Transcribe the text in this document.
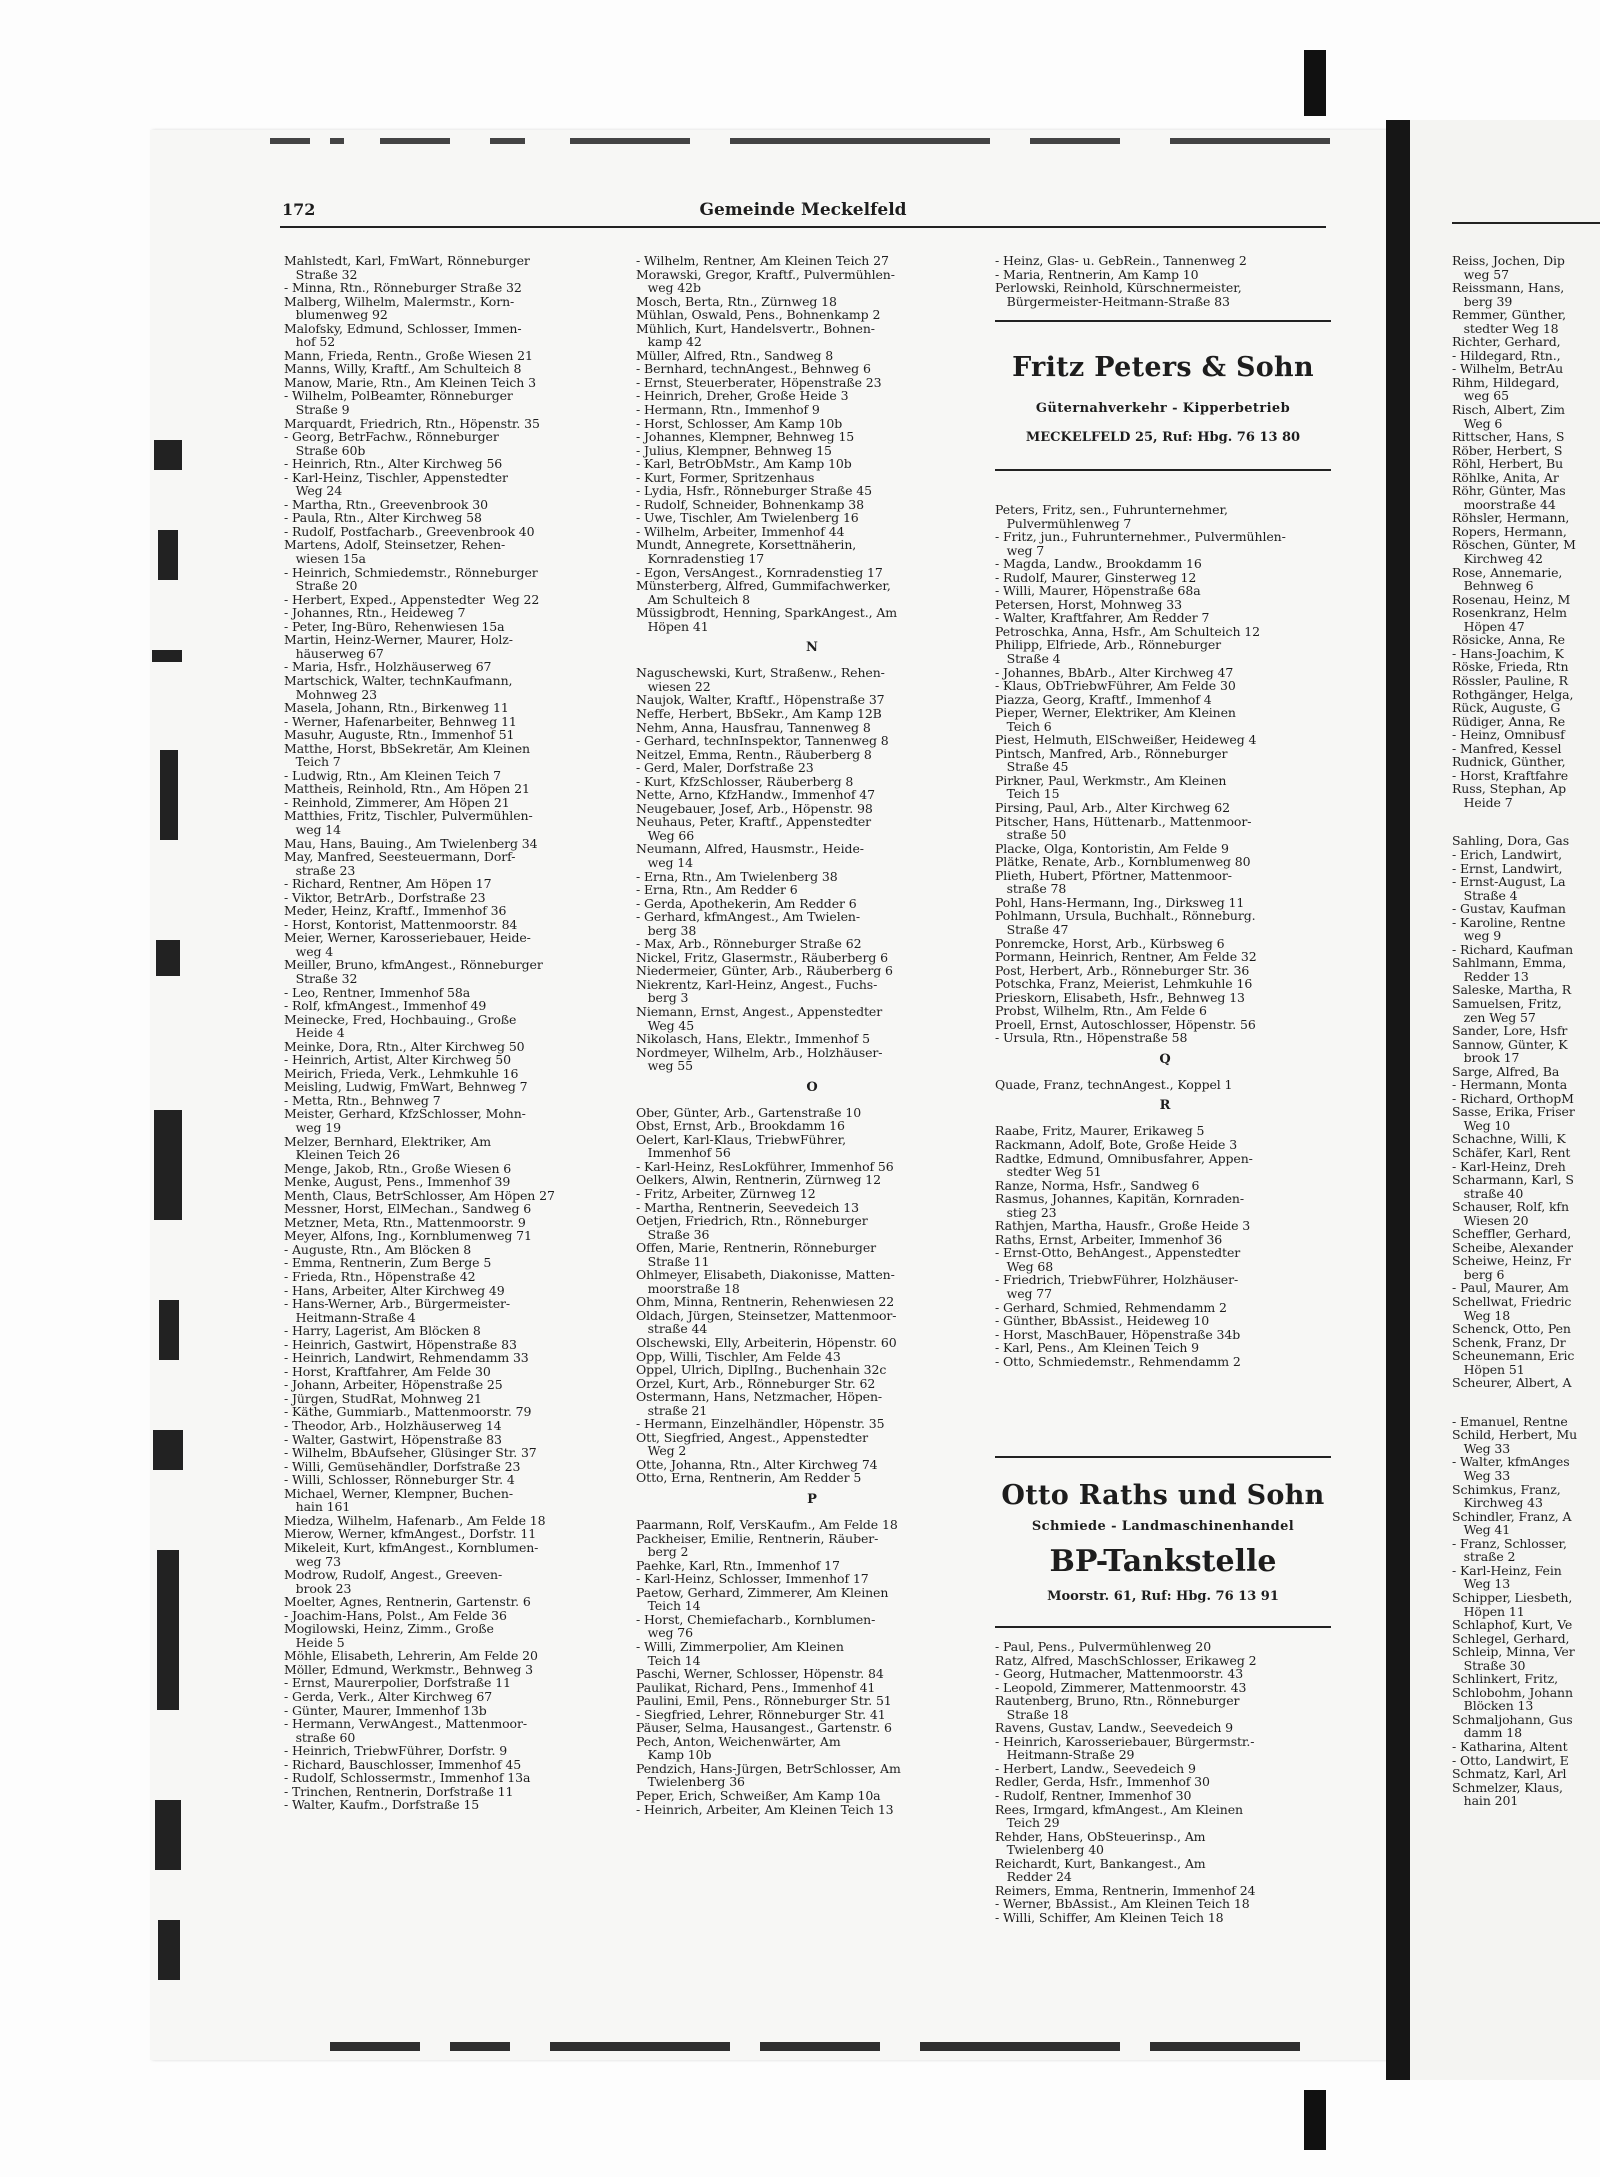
172	Gemeinde Meckelfeld
Mahlstedt, Karl, FmWart, Rönneburger
Straße 32
- Minna, Rtn., Rönneburger Straße 32
Malberg, Wilhelm, Malermstr., Korn-
blumenweg 92
Malofsky, Edmund, Schlosser, Immen-
hof 52
Mann, Frieda, Rentn., Große Wiesen 21
Manns, Willy, Kraftf., Am Schulteich 8
Manow, Marie, Rtn., Am Kleinen Teich 3
- Wilhelm, PolBeamter, Rönneburger
Straße 9
Marquardt, Friedrich, Rtn., Höpenstr. 35
- Georg, BetrFachw., Rönneburger
Straße 60b
- Heinrich, Rtn., Alter Kirchweg 56
- Karl-Heinz, Tischler, Appenstedter
Weg 24
- Martha, Rtn., Greevenbrook 30
- Paula, Rtn., Alter Kirchweg 58
- Rudolf, Postfacharb., Greevenbrook 40
Martens, Adolf, Steinsetzer, Rehen-
wiesen 15a
- Heinrich, Schmiedemstr., Rönneburger
Straße 20
- Herbert, Exped., Appenstedter  Weg 22
- Johannes, Rtn., Heideweg 7
- Peter, Ing-Büro, Rehenwiesen 15a
Martin, Heinz-Werner, Maurer, Holz-
häuserweg 67
- Maria, Hsfr., Holzhäuserweg 67
Martschick, Walter, technKaufmann,
Mohnweg 23
Masela, Johann, Rtn., Birkenweg 11
- Werner, Hafenarbeiter, Behnweg 11
Masuhr, Auguste, Rtn., Immenhof 51
Matthe, Horst, BbSekretär, Am Kleinen
Teich 7
- Ludwig, Rtn., Am Kleinen Teich 7
Mattheis, Reinhold, Rtn., Am Höpen 21
- Reinhold, Zimmerer, Am Höpen 21
Matthies, Fritz, Tischler, Pulvermühlen-
weg 14
Mau, Hans, Bauing., Am Twielenberg 34
May, Manfred, Seesteuermann, Dorf-
straße 23
- Richard, Rentner, Am Höpen 17
- Viktor, BetrArb., Dorfstraße 23
Meder, Heinz, Kraftf., Immenhof 36
- Horst, Kontorist, Mattenmoorstr. 84
Meier, Werner, Karosseriebauer, Heide-
weg 4
Meiller, Bruno, kfmAngest., Rönneburger
Straße 32
- Leo, Rentner, Immenhof 58a
- Rolf, kfmAngest., Immenhof 49
Meinecke, Fred, Hochbauing., Große
Heide 4
Meinke, Dora, Rtn., Alter Kirchweg 50
- Heinrich, Artist, Alter Kirchweg 50
Meirich, Frieda, Verk., Lehmkuhle 16
Meisling, Ludwig, FmWart, Behnweg 7
- Metta, Rtn., Behnweg 7
Meister, Gerhard, KfzSchlosser, Mohn-
weg 19
Melzer, Bernhard, Elektriker, Am
Kleinen Teich 26
Menge, Jakob, Rtn., Große Wiesen 6
Menke, August, Pens., Immenhof 39
Menth, Claus, BetrSchlosser, Am Höpen 27
Messner, Horst, ElMechan., Sandweg 6
Metzner, Meta, Rtn., Mattenmoorstr. 9
Meyer, Alfons, Ing., Kornblumenweg 71
- Auguste, Rtn., Am Blöcken 8
- Emma, Rentnerin, Zum Berge 5
- Frieda, Rtn., Höpenstraße 42
- Hans, Arbeiter, Alter Kirchweg 49
- Hans-Werner, Arb., Bürgermeister-
Heitmann-Straße 4
- Harry, Lagerist, Am Blöcken 8
- Heinrich, Gastwirt, Höpenstraße 83
- Heinrich, Landwirt, Rehmendamm 33
- Horst, Kraftfahrer, Am Felde 30
- Johann, Arbeiter, Höpenstraße 25
- Jürgen, StudRat, Mohnweg 21
- Käthe, Gummiarb., Mattenmoorstr. 79
- Theodor, Arb., Holzhäuserweg 14
- Walter, Gastwirt, Höpenstraße 83
- Wilhelm, BbAufseher, Glüsinger Str. 37
- Willi, Gemüsehändler, Dorfstraße 23
- Willi, Schlosser, Rönneburger Str. 4
Michael, Werner, Klempner, Buchen-
hain 161
Miedza, Wilhelm, Hafenarb., Am Felde 18
Mierow, Werner, kfmAngest., Dorfstr. 11
Mikeleit, Kurt, kfmAngest., Kornblumen-
weg 73
Modrow, Rudolf, Angest., Greeven-
brook 23
Moelter, Agnes, Rentnerin, Gartenstr. 6
- Joachim-Hans, Polst., Am Felde 36
Mogilowski, Heinz, Zimm., Große
Heide 5
Möhle, Elisabeth, Lehrerin, Am Felde 20
Möller, Edmund, Werkmstr., Behnweg 3
- Ernst, Maurerpolier, Dorfstraße 11
- Gerda, Verk., Alter Kirchweg 67
- Günter, Maurer, Immenhof 13b
- Hermann, VerwAngest., Mattenmoor-
straße 60
- Heinrich, TriebwFührer, Dorfstr. 9
- Richard, Bauschlosser, Immenhof 45
- Rudolf, Schlossermstr., Immenhof 13a
- Trinchen, Rentnerin, Dorfstraße 11
- Walter, Kaufm., Dorfstraße 15
- Wilhelm, Rentner, Am Kleinen Teich 27
Morawski, Gregor, Kraftf., Pulvermühlen-
weg 42b
Mosch, Berta, Rtn., Zürnweg 18
Mühlan, Oswald, Pens., Bohnenkamp 2
Mühlich, Kurt, Handelsvertr., Bohnen-
kamp 42
Müller, Alfred, Rtn., Sandweg 8
- Bernhard, technAngest., Behnweg 6
- Ernst, Steuerberater, Höpenstraße 23
- Heinrich, Dreher, Große Heide 3
- Hermann, Rtn., Immenhof 9
- Horst, Schlosser, Am Kamp 10b
- Johannes, Klempner, Behnweg 15
- Julius, Klempner, Behnweg 15
- Karl, BetrObMstr., Am Kamp 10b
- Kurt, Former, Spritzenhaus
- Lydia, Hsfr., Rönneburger Straße 45
- Rudolf, Schneider, Bohnenkamp 38
- Uwe, Tischler, Am Twielenberg 16
- Wilhelm, Arbeiter, Immenhof 44
Mundt, Annegrete, Korsettnäherin,
Kornradenstieg 17
- Egon, VersAngest., Kornradenstieg 17
Münsterberg, Alfred, Gummifachwerker,
Am Schulteich 8
Müssigbrodt, Henning, SparkAngest., Am
Höpen 41
N
Naguschewski, Kurt, Straßenw., Rehen-
wiesen 22
Naujok, Walter, Kraftf., Höpenstraße 37
Neffe, Herbert, BbSekr., Am Kamp 12B
Nehm, Anna, Hausfrau, Tannenweg 8
- Gerhard, technInspektor, Tannenweg 8
Neitzel, Emma, Rentn., Räuberberg 8
- Gerd, Maler, Dorfstraße 23
- Kurt, KfzSchlosser, Räuberberg 8
Nette, Arno, KfzHandw., Immenhof 47
Neugebauer, Josef, Arb., Höpenstr. 98
Neuhaus, Peter, Kraftf., Appenstedter
Weg 66
Neumann, Alfred, Hausmstr., Heide-
weg 14
- Erna, Rtn., Am Twielenberg 38
- Erna, Rtn., Am Redder 6
- Gerda, Apothekerin, Am Redder 6
- Gerhard, kfmAngest., Am Twielen-
berg 38
- Max, Arb., Rönneburger Straße 62
Nickel, Fritz, Glasermstr., Räuberberg 6
Niedermeier, Günter, Arb., Räuberberg 6
Niekrentz, Karl-Heinz, Angest., Fuchs-
berg 3
Niemann, Ernst, Angest., Appenstedter
Weg 45
Nikolasch, Hans, Elektr., Immenhof 5
Nordmeyer, Wilhelm, Arb., Holzhäuser-
weg 55
O
Ober, Günter, Arb., Gartenstraße 10
Obst, Ernst, Arb., Brookdamm 16
Oelert, Karl-Klaus, TriebwFührer,
Immenhof 56
- Karl-Heinz, ResLokführer, Immenhof 56
Oelkers, Alwin, Rentnerin, Zürnweg 12
- Fritz, Arbeiter, Zürnweg 12
- Martha, Rentnerin, Seevedeich 13
Oetjen, Friedrich, Rtn., Rönneburger
Straße 36
Offen, Marie, Rentnerin, Rönneburger
Straße 11
Ohlmeyer, Elisabeth, Diakonisse, Matten-
moorstraße 18
Ohm, Minna, Rentnerin, Rehenwiesen 22
Oldach, Jürgen, Steinsetzer, Mattenmoor-
straße 44
Olschewski, Elly, Arbeiterin, Höpenstr. 60
Opp, Willi, Tischler, Am Felde 43
Oppel, Ulrich, DiplIng., Buchenhain 32c
Orzel, Kurt, Arb., Rönneburger Str. 62
Ostermann, Hans, Netzmacher, Höpen-
straße 21
- Hermann, Einzelhändler, Höpenstr. 35
Ott, Siegfried, Angest., Appenstedter
Weg 2
Otte, Johanna, Rtn., Alter Kirchweg 74
Otto, Erna, Rentnerin, Am Redder 5
P
Paarmann, Rolf, VersKaufm., Am Felde 18
Packheiser, Emilie, Rentnerin, Räuber-
berg 2
Paehke, Karl, Rtn., Immenhof 17
- Karl-Heinz, Schlosser, Immenhof 17
Paetow, Gerhard, Zimmerer, Am Kleinen
Teich 14
- Horst, Chemiefacharb., Kornblumen-
weg 76
- Willi, Zimmerpolier, Am Kleinen
Teich 14
Paschi, Werner, Schlosser, Höpenstr. 84
Paulikat, Richard, Pens., Immenhof 41
Paulini, Emil, Pens., Rönneburger Str. 51
- Siegfried, Lehrer, Rönneburger Str. 41
Päuser, Selma, Hausangest., Gartenstr. 6
Pech, Anton, Weichenwärter, Am
Kamp 10b
Pendzich, Hans-Jürgen, BetrSchlosser, Am
Twielenberg 36
Peper, Erich, Schweißer, Am Kamp 10a
- Heinrich, Arbeiter, Am Kleinen Teich 13
- Heinz, Glas- u. GebRein., Tannenweg 2
- Maria, Rentnerin, Am Kamp 10
Perlowski, Reinhold, Kürschnermeister,
Bürgermeister-Heitmann-Straße 83
Fritz Peters & Sohn
Güternahverkehr - Kipperbetrieb
MECKELFELD 25, Ruf: Hbg. 76 13 80
Peters, Fritz, sen., Fuhrunternehmer,
Pulvermühlenweg 7
- Fritz, jun., Fuhrunternehmer., Pulvermühlen-
weg 7
- Magda, Landw., Brookdamm 16
- Rudolf, Maurer, Ginsterweg 12
- Willi, Maurer, Höpenstraße 68a
Petersen, Horst, Mohnweg 33
- Walter, Kraftfahrer, Am Redder 7
Petroschka, Anna, Hsfr., Am Schulteich 12
Philipp, Elfriede, Arb., Rönneburger
Straße 4
- Johannes, BbArb., Alter Kirchweg 47
- Klaus, ObTriebwFührer, Am Felde 30
Piazza, Georg, Kraftf., Immenhof 4
Pieper, Werner, Elektriker, Am Kleinen
Teich 6
Piest, Helmuth, ElSchweißer, Heideweg 4
Pintsch, Manfred, Arb., Rönneburger
Straße 45
Pirkner, Paul, Werkmstr., Am Kleinen
Teich 15
Pirsing, Paul, Arb., Alter Kirchweg 62
Pitscher, Hans, Hüttenarb., Mattenmoor-
straße 50
Placke, Olga, Kontoristin, Am Felde 9
Plätke, Renate, Arb., Kornblumenweg 80
Plieth, Hubert, Pförtner, Mattenmoor-
straße 78
Pohl, Hans-Hermann, Ing., Dirksweg 11
Pohlmann, Ursula, Buchhalt., Rönneburg.
Straße 47
Ponremcke, Horst, Arb., Kürbsweg 6
Pormann, Heinrich, Rentner, Am Felde 32
Post, Herbert, Arb., Rönneburger Str. 36
Potschka, Franz, Meierist, Lehmkuhle 16
Prieskorn, Elisabeth, Hsfr., Behnweg 13
Probst, Wilhelm, Rtn., Am Felde 6
Proell, Ernst, Autoschlosser, Höpenstr. 56
- Ursula, Rtn., Höpenstraße 58
Q
Quade, Franz, technAngest., Koppel 1
R
Raabe, Fritz, Maurer, Erikaweg 5
Rackmann, Adolf, Bote, Große Heide 3
Radtke, Edmund, Omnibusfahrer, Appen-
stedter Weg 51
Ranze, Norma, Hsfr., Sandweg 6
Rasmus, Johannes, Kapitän, Kornraden-
stieg 23
Rathjen, Martha, Hausfr., Große Heide 3
Raths, Ernst, Arbeiter, Immenhof 36
- Ernst-Otto, BehAngest., Appenstedter
Weg 68
- Friedrich, TriebwFührer, Holzhäuser-
weg 77
- Gerhard, Schmied, Rehmendamm 2
- Günther, BbAssist., Heideweg 10
- Horst, MaschBauer, Höpenstraße 34b
- Karl, Pens., Am Kleinen Teich 9
- Otto, Schmiedemstr., Rehmendamm 2
Otto Raths und Sohn
Schmiede - Landmaschinenhandel
BP-Tankstelle
Moorstr. 61, Ruf: Hbg. 76 13 91
- Paul, Pens., Pulvermühlenweg 20
Ratz, Alfred, MaschSchlosser, Erikaweg 2
- Georg, Hutmacher, Mattenmoorstr. 43
- Leopold, Zimmerer, Mattenmoorstr. 43
Rautenberg, Bruno, Rtn., Rönneburger
Straße 18
Ravens, Gustav, Landw., Seevedeich 9
- Heinrich, Karosseriebauer, Bürgermstr.-
Heitmann-Straße 29
- Herbert, Landw., Seevedeich 9
Redler, Gerda, Hsfr., Immenhof 30
- Rudolf, Rentner, Immenhof 30
Rees, Irmgard, kfmAngest., Am Kleinen
Teich 29
Rehder, Hans, ObSteuerinsp., Am
Twielenberg 40
Reichardt, Kurt, Bankangest., Am
Redder 24
Reimers, Emma, Rentnerin, Immenhof 24
- Werner, BbAssist., Am Kleinen Teich 18
- Willi, Schiffer, Am Kleinen Teich 18
Reiss, Jochen, Dip
weg 57
Reissmann, Hans,
berg 39
Remmer, Günther,
stedter Weg 18
Richter, Gerhard,
- Hildegard, Rtn.,
- Wilhelm, BetrAu
Rihm, Hildegard,
weg 65
Risch, Albert, Zim
Weg 6
Rittscher, Hans, S
Röber, Herbert, S
Röhl, Herbert, Bu
Röhlke, Anita, Ar
Röhr, Günter, Mas
moorstraße 44
Röhsler, Hermann,
Ropers, Hermann,
Röschen, Günter, M
Kirchweg 42
Rose, Annemarie,
Behnweg 6
Rosenau, Heinz, M
Rosenkranz, Helm
Höpen 47
Rösicke, Anna, Re
- Hans-Joachim, K
Röske, Frieda, Rtn
Rössler, Pauline, R
Rothgänger, Helga,
Rück, Auguste, G
Rüdiger, Anna, Re
- Heinz, Omnibusf
- Manfred, Kessel
Rudnick, Günther,
- Horst, Kraftfahre
Russ, Stephan, Ap
Heide 7
Sahling, Dora, Gas
- Erich, Landwirt,
- Ernst, Landwirt,
- Ernst-August, La
Straße 4
- Gustav, Kaufman
- Karoline, Rentne
weg 9
- Richard, Kaufman
Sahlmann, Emma,
Redder 13
Saleske, Martha, R
Samuelsen, Fritz,
zen Weg 57
Sander, Lore, Hsfr
Sannow, Günter, K
brook 17
Sarge, Alfred, Ba
- Hermann, Monta
- Richard, OrthopM
Sasse, Erika, Friser
Weg 10
Schachne, Willi, K
Schäfer, Karl, Rent
- Karl-Heinz, Dreh
Scharmann, Karl, S
straße 40
Schauser, Rolf, kfn
Wiesen 20
Scheffler, Gerhard,
Scheibe, Alexander
Scheiwe, Heinz, Fr
berg 6
- Paul, Maurer, Am
Schellwat, Friedric
Weg 18
Schenck, Otto, Pen
Schenk, Franz, Dr
Scheunemann, Eric
Höpen 51
Scheurer, Albert, A
- Emanuel, Rentne
Schild, Herbert, Mu
Weg 33
- Walter, kfmAnges
Weg 33
Schimkus, Franz,
Kirchweg 43
Schindler, Franz, A
Weg 41
- Franz, Schlosser,
straße 2
- Karl-Heinz, Fein
Weg 13
Schipper, Liesbeth,
Höpen 11
Schlaphof, Kurt, Ve
Schlegel, Gerhard,
Schleip, Minna, Ver
Straße 30
Schlinkert, Fritz,
Schlobohm, Johann
Blöcken 13
Schmaljohann, Gus
damm 18
- Katharina, Altent
- Otto, Landwirt, E
Schmatz, Karl, Arl
Schmelzer, Klaus,
hain 201
